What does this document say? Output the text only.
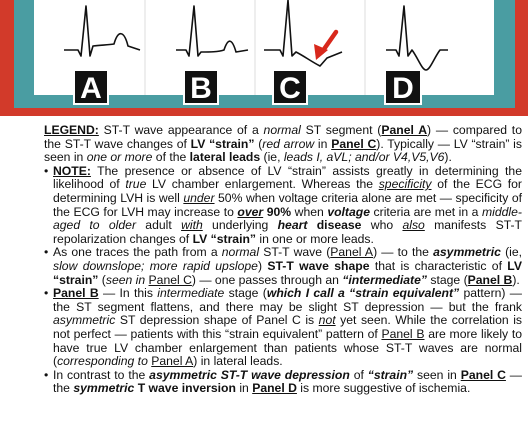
A	B C	D

LEGEND: ST-T wave appearance of a normal ST segment (Panel A) — compared to the ST-T wave changes of LV “strain” (red arrow in Panel C). Typically — LV “strain” is seen in one or more of the lateral leads (ie, leads I, aVL; and/or V4,V5,V6).

• NOTE: The presence or absence of LV “strain” assists greatly in determining the likelihood of true LV chamber enlargement. Whereas the specificity of the ECG for determining LVH is well under 50% when voltage criteria alone are met — specificity of the ECG for LVH may increase to over 90% when voltage criteria are met in a middle-aged to older adult with underlying heart disease who also manifests ST-T repolarization changes of LV “strain” in one or more leads.
• As one traces the path from a normal ST-T wave (Panel A) — to the asymmetric (ie, slow downslope; more rapid upslope) ST-T wave shape that is characteristic of LV “strain” (seen in Panel C) — one passes through an “intermediate” stage (Panel B).
• Panel B — In this intermediate stage (which I call a “strain equivalent” pattern) — the ST segment flattens, and there may be slight ST depression — but the frank asymmetric ST depression shape of Panel C is not yet seen. While the correlation is not perfect — patients with this “strain equivalent” pattern of Panel B are more likely to have true LV chamber enlargement than patients whose ST-T waves are normal (corresponding to Panel A) in lateral leads.
• In contrast to the asymmetric ST-T wave depression of “strain” seen in Panel C — the symmetric T wave inversion in Panel D is more suggestive of ischemia.
